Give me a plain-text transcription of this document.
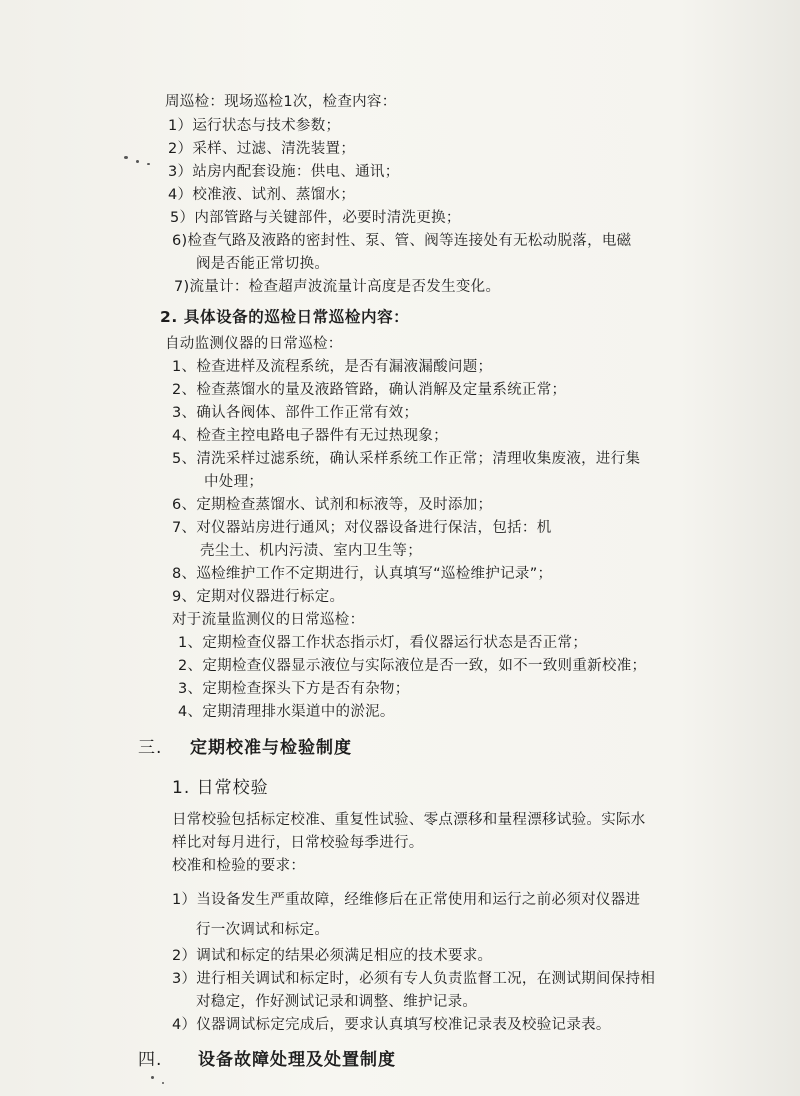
周巡检：现场巡检1次，检查内容：
1）运行状态与技术参数；
2）采样、过滤、清洗装置；
3）站房内配套设施：供电、通讯；
4）校准液、试剂、蒸馏水；
5）内部管路与关键部件，必要时清洗更换；
6)检查气路及液路的密封性、泵、管、阀等连接处有无松动脱落，电磁
阀是否能正常切换。
7)流量计：检查超声波流量计高度是否发生变化。
2. 具体设备的巡检日常巡检内容：
自动监测仪器的日常巡检：
1、检查进样及流程系统，是否有漏液漏酸问题；
2、检查蒸馏水的量及液路管路，确认消解及定量系统正常；
3、确认各阀体、部件工作正常有效；
4、检查主控电路电子器件有无过热现象；
5、清洗采样过滤系统，确认采样系统工作正常；清理收集废液，进行集
中处理；
6、定期检查蒸馏水、试剂和标液等，及时添加；
7、对仪器站房进行通风；对仪器设备进行保洁，包括：机
壳尘土、机内污渍、室内卫生等；
8、巡检维护工作不定期进行，认真填写“巡检维护记录”；
9、定期对仪器进行标定。
对于流量监测仪的日常巡检：
1、定期检查仪器工作状态指示灯，看仪器运行状态是否正常；
2、定期检查仪器显示液位与实际液位是否一致，如不一致则重新校准；
3、定期检查探头下方是否有杂物；
4、定期清理排水渠道中的淤泥。
三. 定期校准与检验制度
1. 日常校验
日常校验包括标定校准、重复性试验、零点漂移和量程漂移试验。实际水
样比对每月进行，日常校验每季进行。
校准和检验的要求：
1）当设备发生严重故障，经维修后在正常使用和运行之前必须对仪器进
行一次调试和标定。
2）调试和标定的结果必须满足相应的技术要求。
3）进行相关调试和标定时，必须有专人负责监督工况，在测试期间保持相
对稳定，作好测试记录和调整、维护记录。
4）仪器调试标定完成后，要求认真填写校准记录表及校验记录表。
四. 设备故障处理及处置制度
